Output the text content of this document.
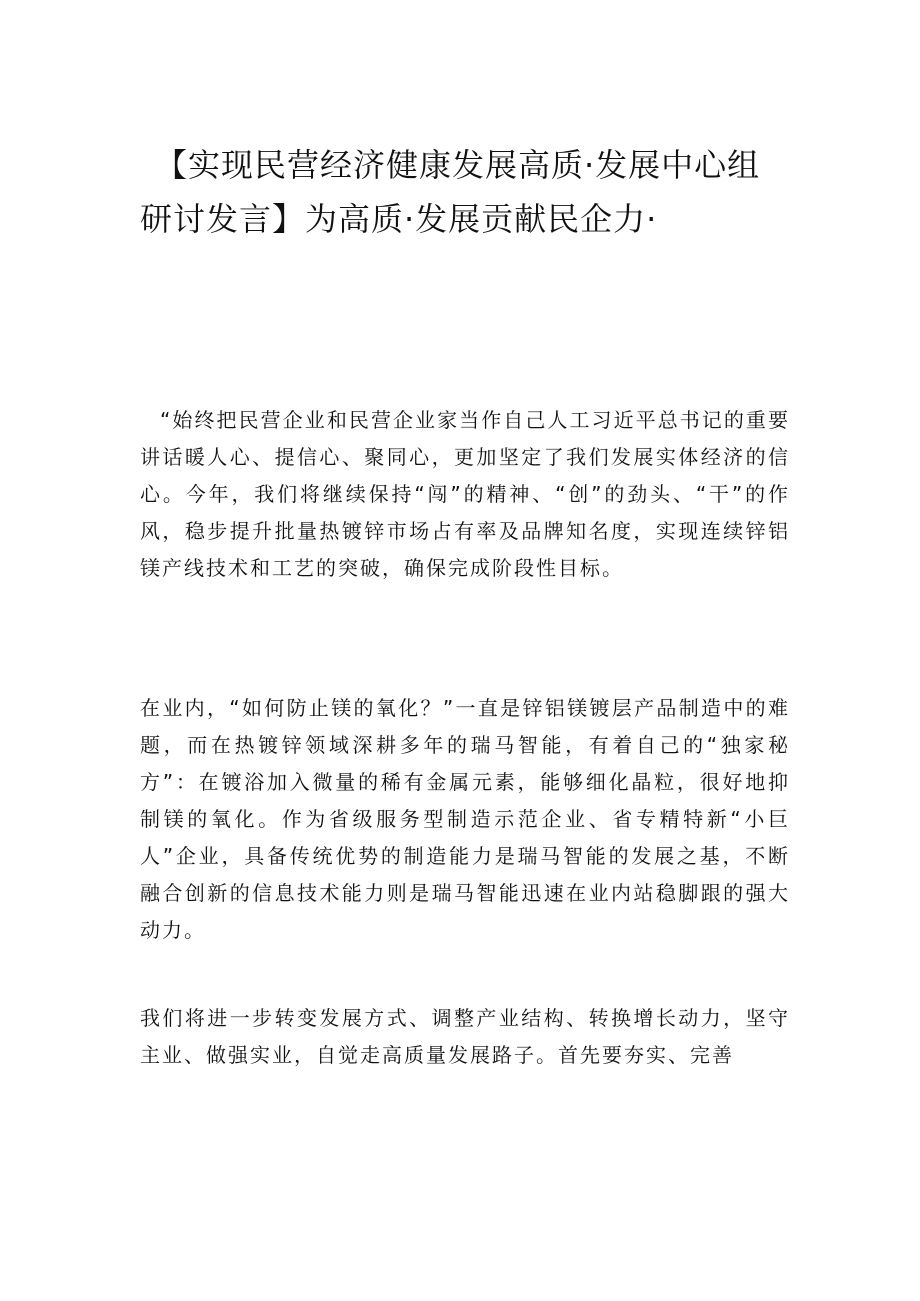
【实现民营经济健康发展高质·发展中心组研讨发言】为高质·发展贡献民企力·

“始终把民营企业和民营企业家当作自己人工习近平总书记的重要讲话暖人心、提信心、聚同心，更加坚定了我们发展实体经济的信心。今年，我们将继续保持“闯”的精神、“创”的劲头、“干”的作风，稳步提升批量热镀锌市场占有率及品牌知名度，实现连续锌铝镁产线技术和工艺的突破，确保完成阶段性目标。

在业内，“如何防止镁的氧化？”一直是锌铝镁镀层产品制造中的难题，而在热镀锌领域深耕多年的瑞马智能，有着自己的“独家秘方”：在镀浴加入微量的稀有金属元素，能够细化晶粒，很好地抑制镁的氧化。作为省级服务型制造示范企业、省专精特新“小巨人”企业，具备传统优势的制造能力是瑞马智能的发展之基，不断融合创新的信息技术能力则是瑞马智能迅速在业内站稳脚跟的强大动力。

我们将进一步转变发展方式、调整产业结构、转换增长动力，坚守主业、做强实业，自觉走高质量发展路子。首先要夯实、完善
